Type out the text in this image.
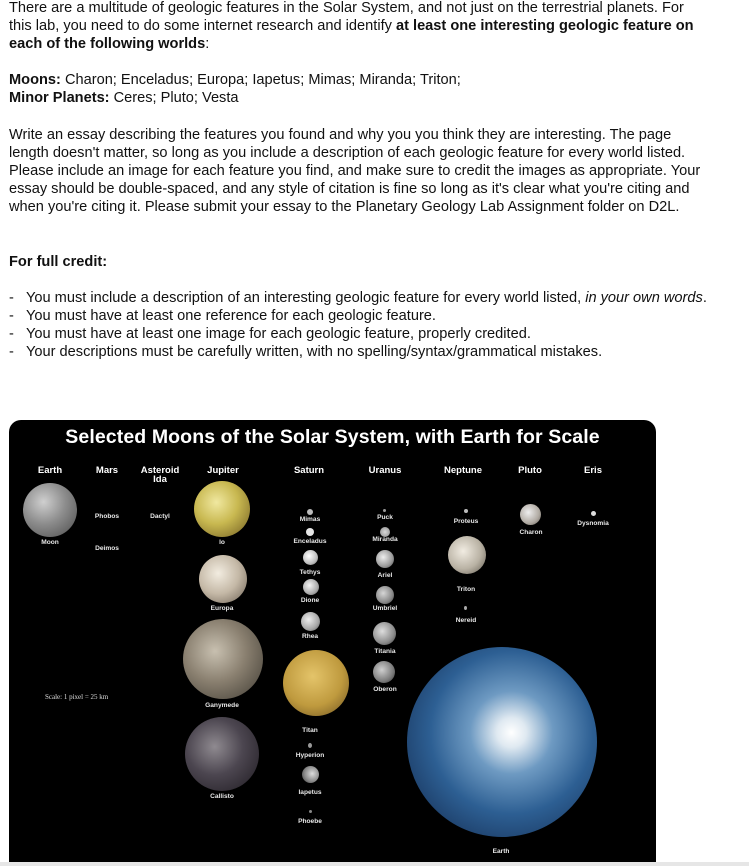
There are a multitude of geologic features in the Solar System, and not just on the terrestrial planets. For this lab, you need to do some internet research and identify at least one interesting geologic feature on each of the following worlds:

Moons: Charon; Enceladus; Europa; Iapetus; Mimas; Miranda; Triton;

Minor Planets: Ceres; Pluto; Vesta

Write an essay describing the features you found and why you you think they are interesting. The page length doesn't matter, so long as you include a description of each geologic feature for every world listed. Please include an image for each feature you find, and make sure to credit the images as appropriate. Your essay should be double-spaced, and any style of citation is fine so long as it's clear what you're citing and when you're citing it. Please submit your essay to the Planetary Geology Lab Assignment folder on D2L.

For full credit:

- You must include a description of an interesting geologic feature for every world listed, in your own words.
- You must have at least one reference for each geologic feature.
- You must have at least one image for each geologic feature, properly credited.
- Your descriptions must be carefully written, with no spelling/syntax/grammatical mistakes.
Selected Moons of the Solar System, with Earth for Scale
Earth	Mars Asteroid
Ida
Jupiter	Saturn	Uranus	Neptune	Pluto	Eris
Moon
Phobos
Deimos
Dactyl
Io
Europa
Ganymede
Callisto
Mimas
Enceladus
Tethys
Dione
Rhea
Titan
Hyperion
Iapetus
Phoebe
Puck
Miranda
Ariel
Umbriel
Titania
Oberon
Proteus
Triton
Nereid
Charon
Dysnomia
Earth
Scale: 1 pixel = 25 km
